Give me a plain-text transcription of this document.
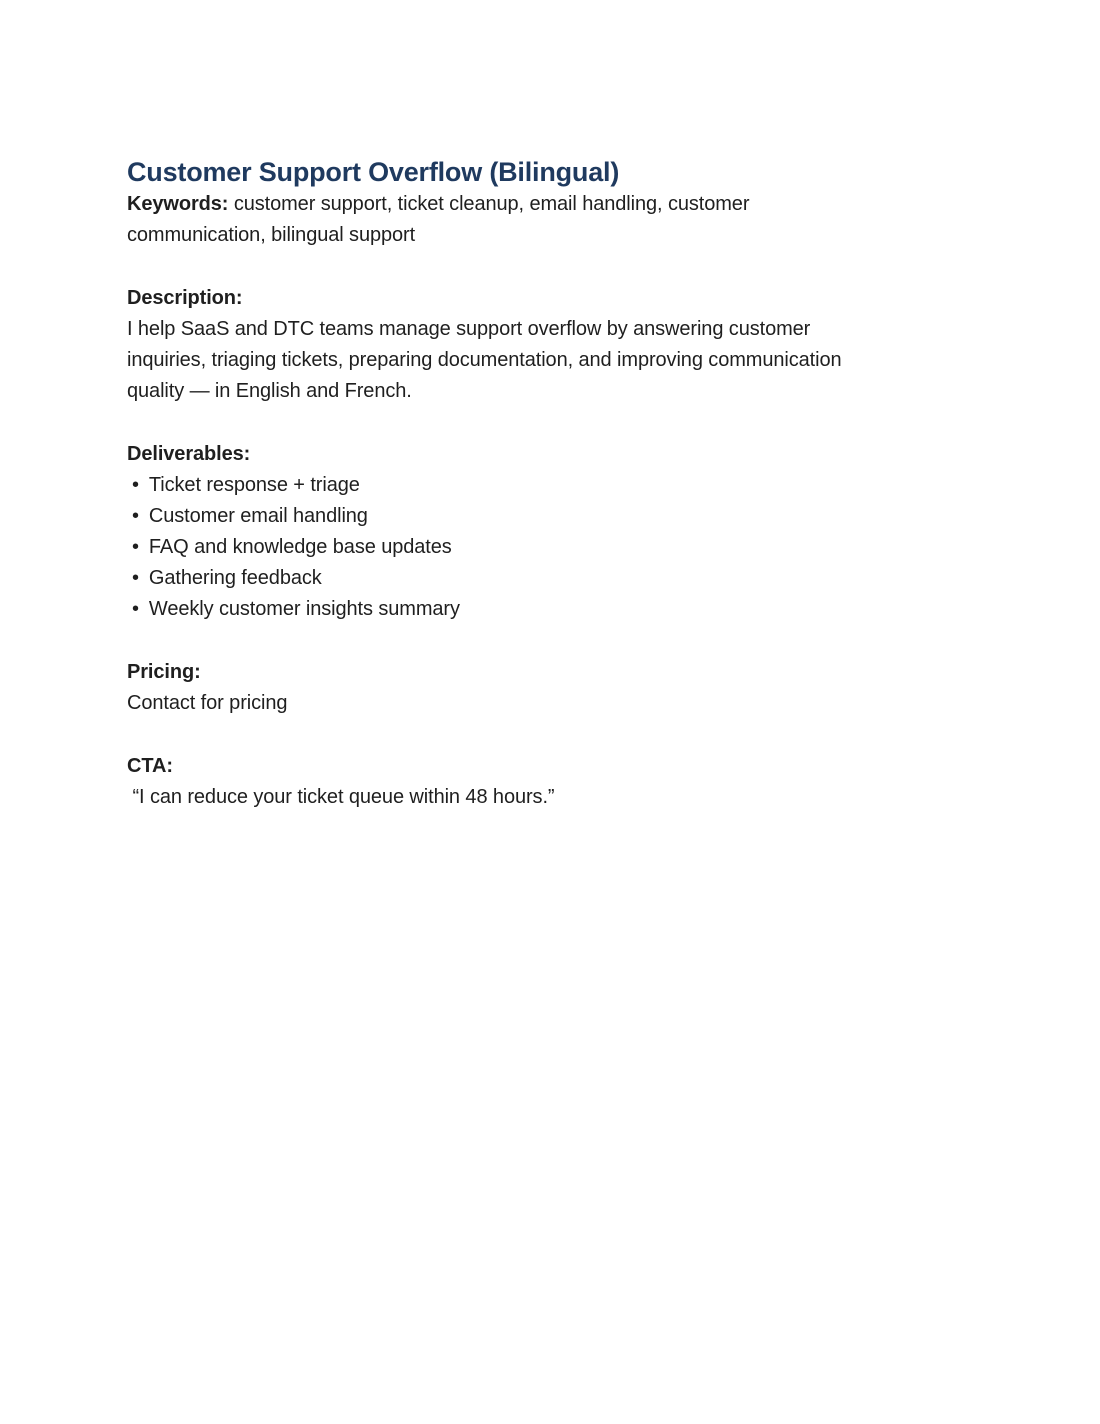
Customer Support Overflow (Bilingual)

Keywords: customer support, ticket cleanup, email handling, customer communication, bilingual support

Description:
I help SaaS and DTC teams manage support overflow by answering customer inquiries, triaging tickets, preparing documentation, and improving communication quality — in English and French.

Deliverables:

• Ticket response + triage
• Customer email handling
• FAQ and knowledge base updates
• Gathering feedback
• Weekly customer insights summary

Pricing:
Contact for pricing

CTA:
“I can reduce your ticket queue within 48 hours.”
